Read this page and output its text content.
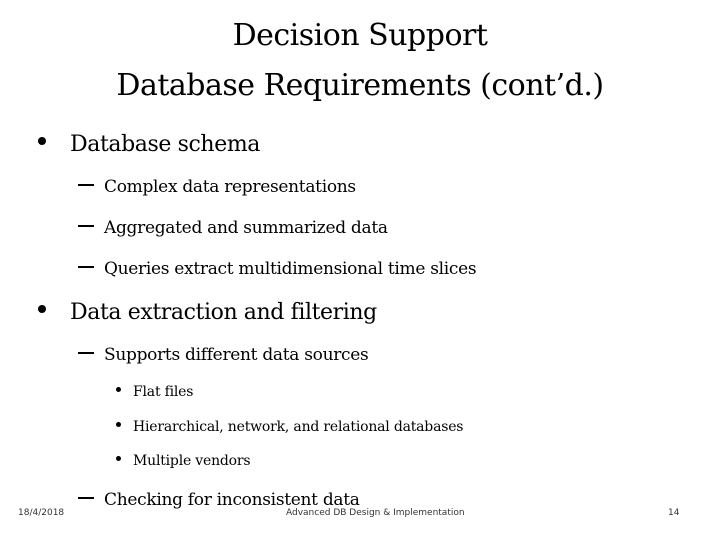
Decision Support
Database Requirements (cont’d.)
Database schema
Complex data representations
Aggregated and summarized data
Queries extract multidimensional time slices
Data extraction and filtering
Supports different data sources
Flat files
Hierarchical, network, and relational databases
Multiple vendors
Checking for inconsistent data
18/4/2018	Advanced DB Design & Implementation	14
